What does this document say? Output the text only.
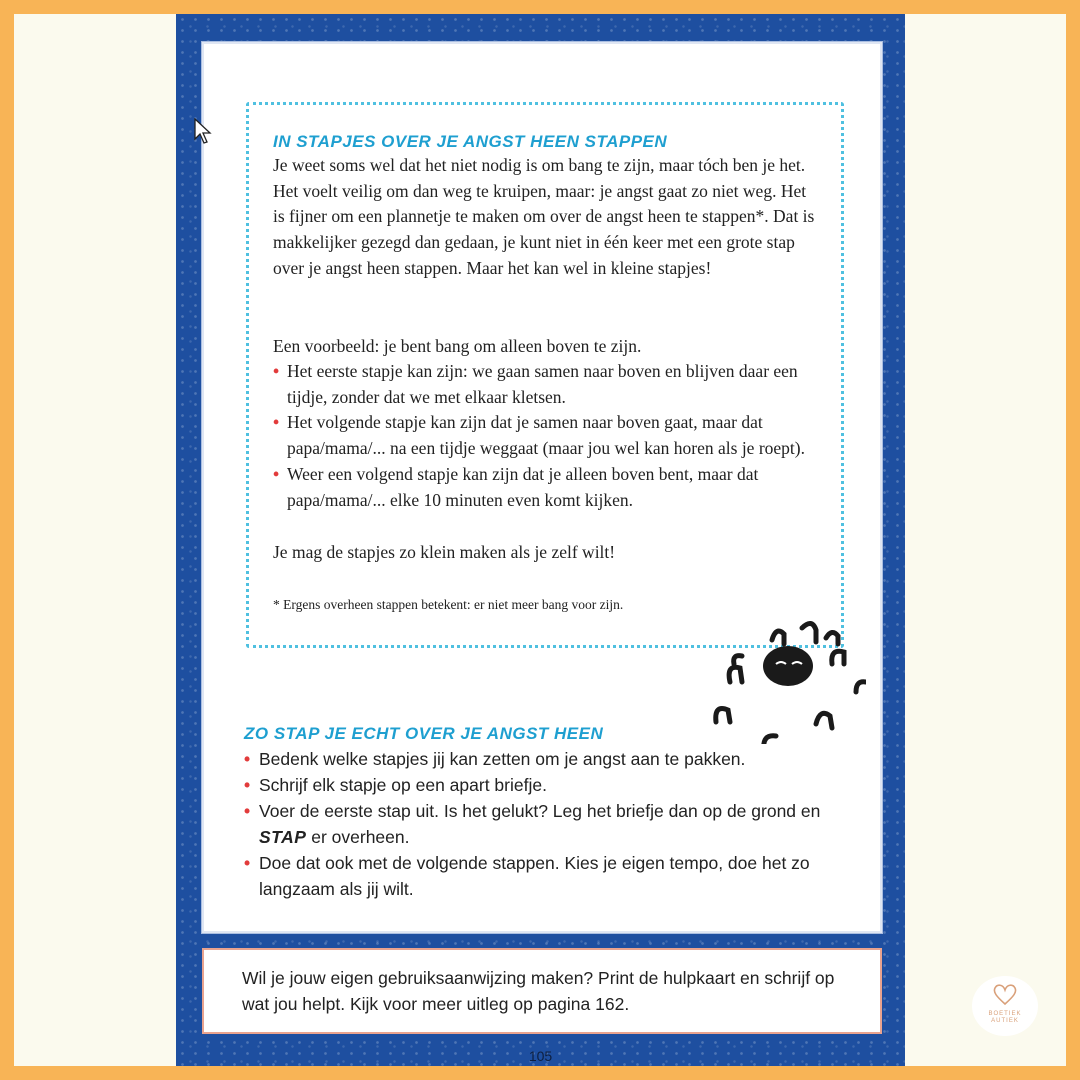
IN STAPJES OVER JE ANGST HEEN STAPPEN

Je weet soms wel dat het niet nodig is om bang te zijn, maar tóch ben je het. Het voelt veilig om dan weg te kruipen, maar: je angst gaat zo niet weg. Het is fijner om een plannetje te maken om over de angst heen te stappen*. Dat is makkelijker gezegd dan gedaan, je kunt niet in één keer met een grote stap over je angst heen stappen. Maar het kan wel in kleine stapjes!

Een voorbeeld: je bent bang om alleen boven te zijn.

• Het eerste stapje kan zijn: we gaan samen naar boven en blijven daar een tijdje, zonder dat we met elkaar kletsen.
• Het volgende stapje kan zijn dat je samen naar boven gaat, maar dat papa/mama/... na een tijdje weggaat (maar jou wel kan horen als je roept).
• Weer een volgend stapje kan zijn dat je alleen boven bent, maar dat papa/mama/... elke 10 minuten even komt kijken.

Je mag de stapjes zo klein maken als je zelf wilt!

* Ergens overheen stappen betekent: er niet meer bang voor zijn.

ZO STAP JE ECHT OVER JE ANGST HEEN
• Bedenk welke stapjes jij kan zetten om je angst aan te pakken.
• Schrijf elk stapje op een apart briefje.
• Voer de eerste stap uit. Is het gelukt? Leg het briefje dan op de grond en STAP er overheen.
• Doe dat ook met de volgende stappen. Kies je eigen tempo, doe het zo langzaam als jij wilt.

Wil je jouw eigen gebruiksaanwijzing maken? Print de hulpkaart en schrijf op wat jou helpt. Kijk voor meer uitleg op pagina 162.

105
BOETIEK
AUTIEK
